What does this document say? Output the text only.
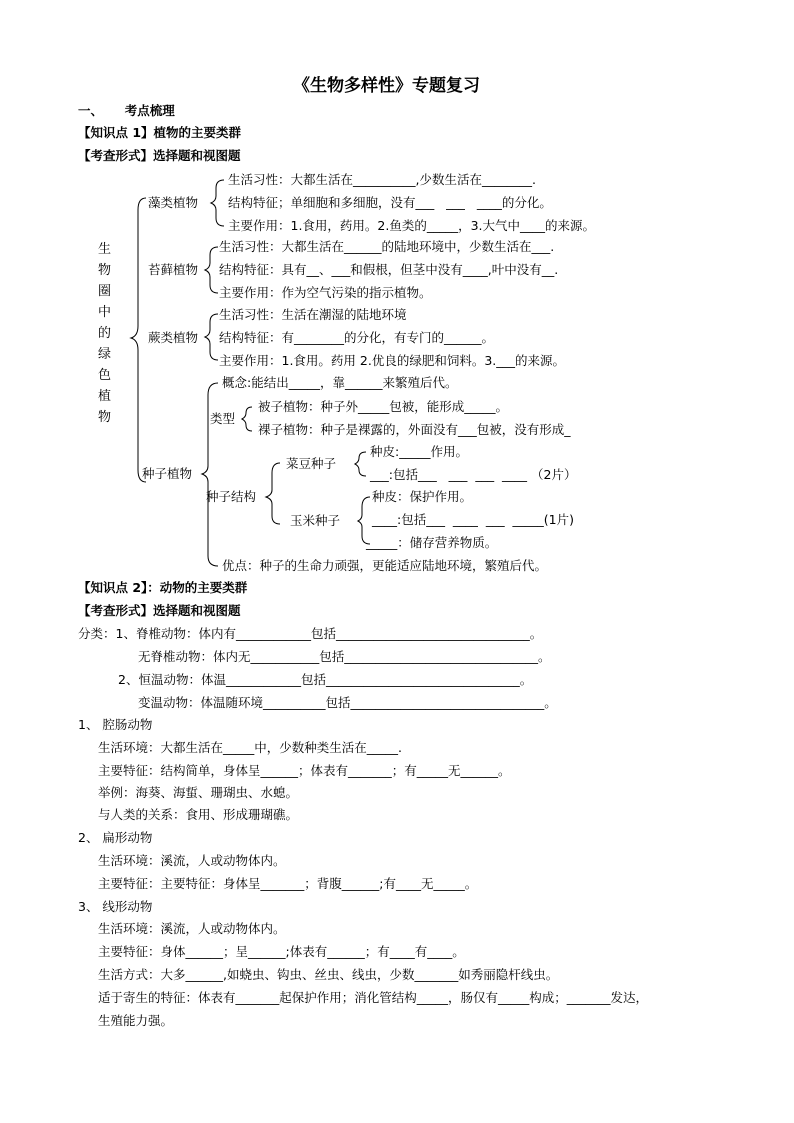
《生物多样性》专题复习
一、     考点梳理
【知识点 1】植物的主要类群
【考查形式】选择题和视图题
生
物
圈
中
的
绿
色
植
物
藻类植物
生活习性：大都生活在__________,少数生活在________.
结构特征；单细胞和多细胞，没有___   ___   ____的分化。
主要作用：1.食用，药用。2.鱼类的_____，3.大气中____的来源。
苔藓植物
生活习性：大都生活在______的陆地环境中，少数生活在___.
结构特征：具有__、___和假根，但茎中没有____,叶中没有__.
主要作用：作为空气污染的指示植物。
蕨类植物
生活习性：生活在潮湿的陆地环境
结构特征：有________的分化，有专门的______。
主要作用：1.食用。药用 2.优良的绿肥和饲料。3.___的来源。
种子植物
概念:能结出_____，靠______来繁殖后代。
类型
被子植物：种子外_____包被，能形成_____。
裸子植物：种子是裸露的，外面没有___包被，没有形成_
种子结构
菜豆种子
种皮:_____作用。
___:包括___   ___  ___  ____ （2片）
玉米种子
种皮：保护作用。
____:包括___  ____  ___  _____(1片)
_____：储存营养物质。
优点：种子的生命力顽强，更能适应陆地环境，繁殖后代。
【知识点 2】：动物的主要类群
【考查形式】选择题和视图题
分类：1、脊椎动物：体内有____________包括_______________________________。
无脊椎动物：体内无___________包括_______________________________。
2、恒温动物：体温____________包括_______________________________。
变温动物：体温随环境__________包括_______________________________。
1、 腔肠动物
生活环境：大都生活在_____中，少数种类生活在_____.
主要特征：结构简单，身体呈______；体表有_______；有_____无______。
举例：海葵、海蜇、珊瑚虫、水螅。
与人类的关系：食用、形成珊瑚礁。
2、 扁形动物
生活环境：溪流，人或动物体内。
主要特征：主要特征：身体呈_______；背腹______;有____无_____。
3、 线形动物
生活环境：溪流，人或动物体内。
主要特征：身体______；呈______;体表有______；有____有____。
生活方式：大多______,如蛲虫、钩虫、丝虫、线虫，少数_______如秀丽隐杆线虫。
适于寄生的特征：体表有_______起保护作用；消化管结构_____，肠仅有_____构成；_______发达，
生殖能力强。
